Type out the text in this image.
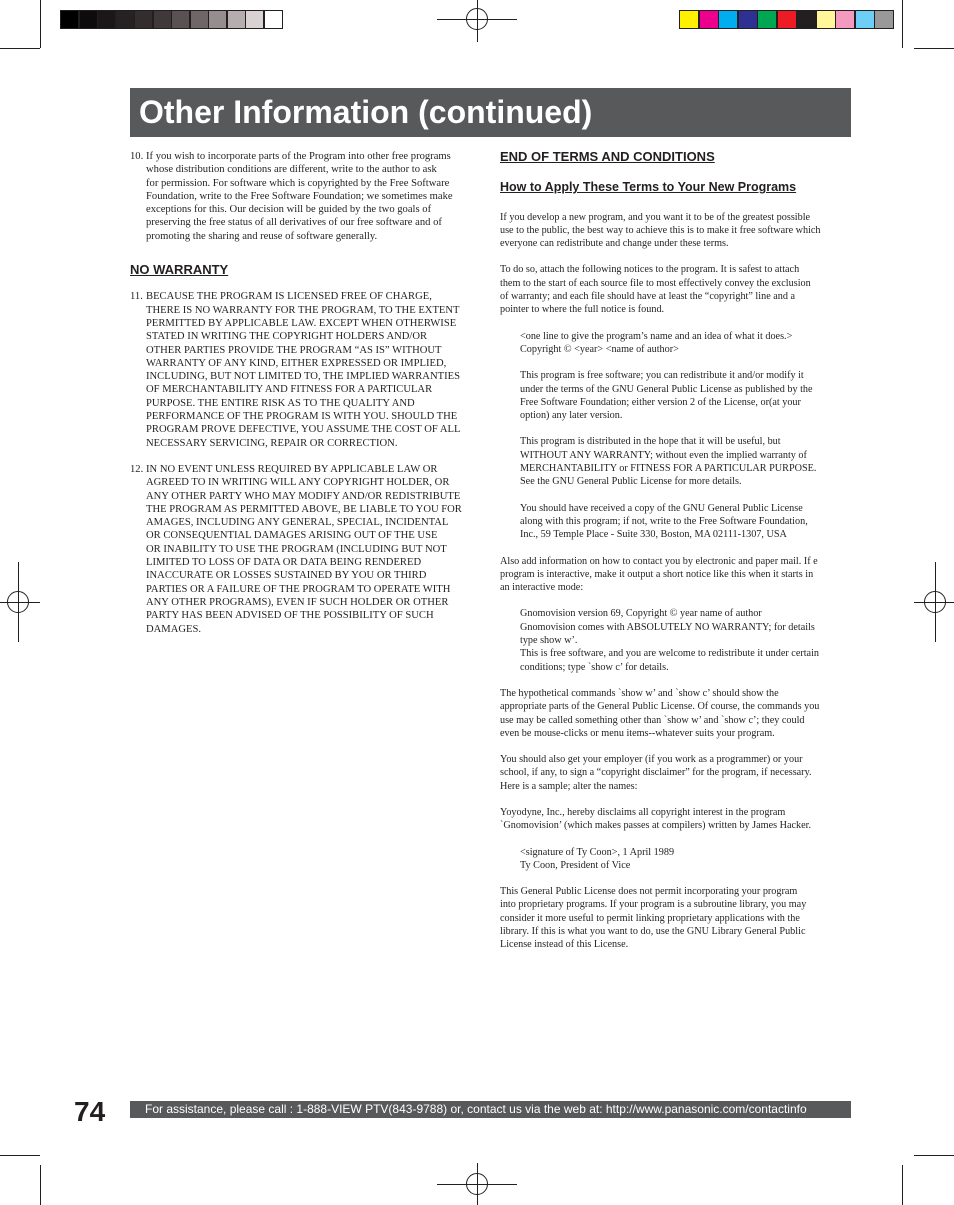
Other Information (continued)
10. If you wish to incorporate parts of the Program into other free programs
whose distribution conditions are different, write to the author to ask
for permission. For software which is copyrighted by the Free Software
Foundation, write to the Free Software Foundation; we sometimes make
exceptions for this. Our decision will be guided by the two goals of
preserving the free status of all derivatives of our free software and of
promoting the sharing and reuse of software generally.

NO WARRANTY
11. BECAUSE THE PROGRAM IS LICENSED FREE OF CHARGE,
THERE IS NO WARRANTY FOR THE PROGRAM, TO THE EXTENT
PERMITTED BY APPLICABLE LAW. EXCEPT WHEN OTHERWISE
STATED IN WRITING THE COPYRIGHT HOLDERS AND/OR
OTHER PARTIES PROVIDE THE PROGRAM “AS IS” WITHOUT
WARRANTY OF ANY KIND, EITHER EXPRESSED OR IMPLIED,
INCLUDING, BUT NOT LIMITED TO, THE IMPLIED WARRANTIES
OF MERCHANTABILITY AND FITNESS FOR A PARTICULAR
PURPOSE. THE ENTIRE RISK AS TO THE QUALITY AND
PERFORMANCE OF THE PROGRAM IS WITH YOU. SHOULD THE
PROGRAM PROVE DEFECTIVE, YOU ASSUME THE COST OF ALL
NECESSARY SERVICING, REPAIR OR CORRECTION.

12. IN NO EVENT UNLESS REQUIRED BY APPLICABLE LAW OR
AGREED TO IN WRITING WILL ANY COPYRIGHT HOLDER, OR
ANY OTHER PARTY WHO MAY MODIFY AND/OR REDISTRIBUTE
THE PROGRAM AS PERMITTED ABOVE, BE LIABLE TO YOU FOR
AMAGES, INCLUDING ANY GENERAL, SPECIAL, INCIDENTAL
OR CONSEQUENTIAL DAMAGES ARISING OUT OF THE USE
OR INABILITY TO USE THE PROGRAM (INCLUDING BUT NOT
LIMITED TO LOSS OF DATA OR DATA BEING RENDERED
INACCURATE OR LOSSES SUSTAINED BY YOU OR THIRD
PARTIES OR A FAILURE OF THE PROGRAM TO OPERATE WITH
ANY OTHER PROGRAMS), EVEN IF SUCH HOLDER OR OTHER
PARTY HAS BEEN ADVISED OF THE POSSIBILITY OF SUCH
DAMAGES.

END OF TERMS AND CONDITIONS
How to Apply These Terms to Your New Programs

If you develop a new program, and you want it to be of the greatest possible
use to the public, the best way to achieve this is to make it free software which
everyone can redistribute and change under these terms.

To do so, attach the following notices to the program. It is safest to attach
them to the start of each source file to most effectively convey the exclusion
of warranty; and each file should have at least the “copyright” line and a
pointer to where the full notice is found.

<one line to give the program’s name and an idea of what it does.>
Copyright © <year> <name of author>

This program is free software; you can redistribute it and/or modify it
under the terms of the GNU General Public License as published by the
Free Software Foundation; either version 2 of the License, or(at your
option) any later version.

This program is distributed in the hope that it will be useful, but
WITHOUT ANY WARRANTY; without even the implied warranty of
MERCHANTABILITY or FITNESS FOR A PARTICULAR PURPOSE.
See the GNU General Public License for more details.

You should have received a copy of the GNU General Public License
along with this program; if not, write to the Free Software Foundation,
Inc., 59 Temple Place - Suite 330, Boston, MA 02111-1307, USA

Also add information on how to contact you by electronic and paper mail. If e
program is interactive, make it output a short notice like this when it starts in
an interactive mode:

Gnomovision version 69, Copyright © year name of author
Gnomovision comes with ABSOLUTELY NO WARRANTY; for details
type show w’.
This is free software, and you are welcome to redistribute it under certain
conditions; type `show c’ for details.

The hypothetical commands `show w’ and `show c’ should show the
appropriate parts of the General Public License. Of course, the commands you
use may be called something other than `show w’ and `show c’; they could
even be mouse-clicks or menu items--whatever suits your program.

You should also get your employer (if you work as a programmer) or your
school, if any, to sign a “copyright disclaimer” for the program, if necessary.
Here is a sample; alter the names:

Yoyodyne, Inc., hereby disclaims all copyright interest in the program
`Gnomovision’ (which makes passes at compilers) written by James Hacker.

<signature of Ty Coon>, 1 April 1989
Ty Coon, President of Vice

This General Public License does not permit incorporating your program
into proprietary programs. If your program is a subroutine library, you may
consider it more useful to permit linking proprietary applications with the
library. If this is what you want to do, use the GNU Library General Public
License instead of this License.

74	For assistance, please call : 1-888-VIEW PTV(843-9788) or, contact us via the web at: http://www.panasonic.com/contactinfo
